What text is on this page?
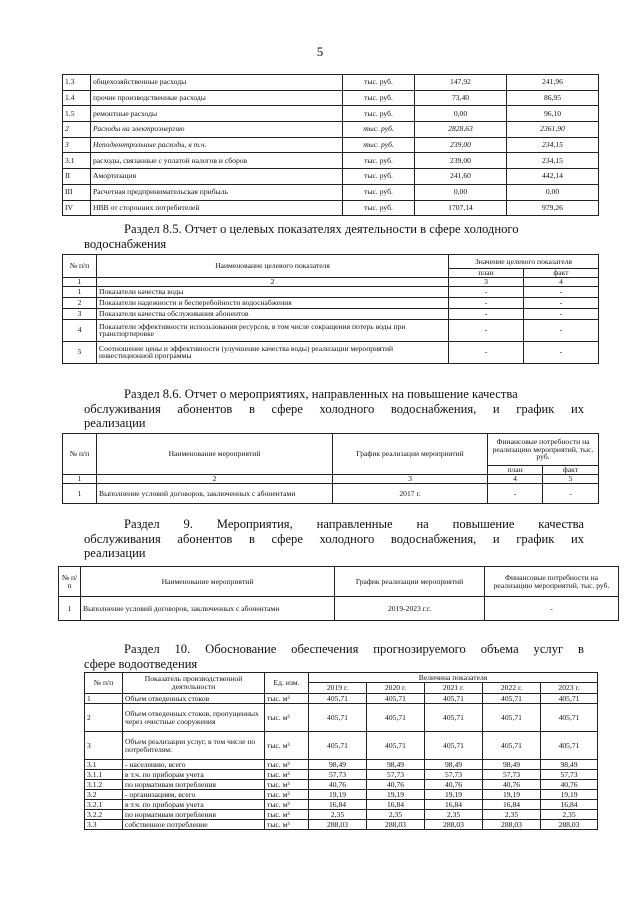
5
1.3	общехозяйственные расходы	тыс. руб.	147,92	241,96
1.4	прочие производственные расходы	тыс. руб.	73,40	86,95
1.5	ремонтные расходы	тыс. руб.	0,00	96,10
2	Расходы на электроэнергию	тыс. руб.	2828,63	2361,90
3	Неподконтрольные расходы, в т.ч.	тыс. руб.	239,00	234,15
3.1	расходы, связанные с уплатой налогов и сборов	тыс. руб.	239,00	234,15
II	Амортизация	тыс. руб.	241,60	442,14
III	Расчетная предпринимательская прибыль	тыс. руб.	0,00	0,00
IV	НВВ от сторонних потребителей	тыс. руб.	1707,14	979,26
Раздел 8.5. Отчет о целевых показателях деятельности в сфере холодного
водоснабжения
№ п/п	Наименование целевого показателя	Значение целевого показателя	
		план	факт
1	2	3	4
1	Показатели качества воды	-	-
2	Показатели надежности и бесперебойности водоснабжения	-	-
3	Показатели качества обслуживания абонентов	-	-
4	Показатели эффективности использования ресурсов, в том числе сокращения потерь воды при транспортировке	-	-
5	Соотношение цены и эффективности (улучшение качества воды) реализации мероприятий инвестиционной программы	-	-
Раздел 8.6. Отчет о мероприятиях, направленных на повышение качества
обслуживания абонентов в сфере холодного водоснабжения, и график их
реализации
№ п/п	Наименование мероприятий	График реализации мероприятий	Финансовые потребности на реализацию мероприятий, тыс. руб.	
			план	факт
1	2	3	4	5
1	Выполнение условий договоров, заключенных с абонентами	2017 г.	-	-
Раздел 9. Мероприятия, направленные на повышение качества
обслуживания абонентов в сфере холодного водоснабжения, и график их
реализации
№ п/п	Наименование мероприятий	График реализации мероприятий	Финансовые потребности на реализацию мероприятий, тыс. руб.
1	Выполнение условий договоров, заключенных с абонентами	2019-2023 г.г.	-
Раздел 10. Обоснование обеспечения прогнозируемого объема услуг в
сфере водоотведения
№ п/п	Показатель производственной деятельности	Ед. изм.	Величина показателя				
			2019 г.	2020 г.	2021 г.	2022 г.	2023 г.
1	Объем отведенных стоков	тыс. м³	405,71	405,71	405,71	405,71	405,71
2	Объем отведенных стоков, пропущенных через очистные сооружения	тыс. м³	405,71	405,71	405,71	405,71	405,71
3	Объем реализации услуг, в том числе по потребителям:	тыс. м³	405,71	405,71	405,71	405,71	405,71
3.1	- населению, всего	тыс. м³	98,49	98,49	98,49	98,49	98,49
3.1.1	в т.ч. по приборам учета	тыс. м³	57,73	57,73	57,73	57,73	57,73
3.1.2	по нормативам потребления	тыс. м³	40,76	40,76	40,76	40,76	40,76
3.2	- организациям, всего	тыс. м³	19,19	19,19	19,19	19,19	19,19
3.2.1	в т.ч. по приборам учета	тыс. м³	16,84	16,84	16,84	16,84	16,84
3.2.2	по нормативам потребления	тыс. м³	2,35	2,35	2,35	2,35	2,35
3.3	собственное потребление	тыс. м³	288,03	288,03	288,03	288,03	288,03
